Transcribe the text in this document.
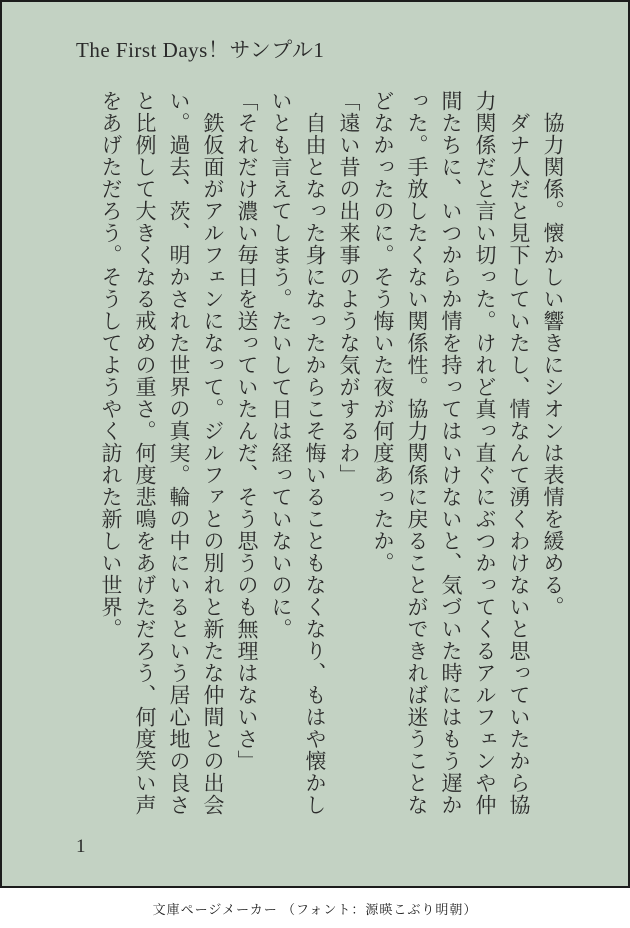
The First Days！サンプル1

　協力関係。懐かしい響きにシオンは表情を緩める。

　ダナ人だと見下していたし、情なんて湧くわけないと思っていたから協力関係だと言い切った。けれど真っ直ぐにぶつかってくるアルフェンや仲間たちに、いつからか情を持ってはいけないと、気づいた時にはもう遅かった。手放したくない関係性。協力関係に戻ることができれば迷うことなどなかったのに。そう悔いた夜が何度あったか。

「遠い昔の出来事のような気がするわ」

　自由となった身になったからこそ悔いることもなくなり、もはや懐かしいとも言えてしまう。たいして日は経っていないのに。

「それだけ濃い毎日を送っていたんだ、そう思うのも無理はないさ」

　鉄仮面がアルフェンになって。ジルファとの別れと新たな仲間との出会い。過去、茨、明かされた世界の真実。輪の中にいるという居心地の良さと比例して大きくなる戒めの重さ。何度悲鳴をあげただろう、何度笑い声をあげただろう。そうしてようやく訪れた新しい世界。

1
文庫ページメーカー （フォント：源暎こぶり明朝）
